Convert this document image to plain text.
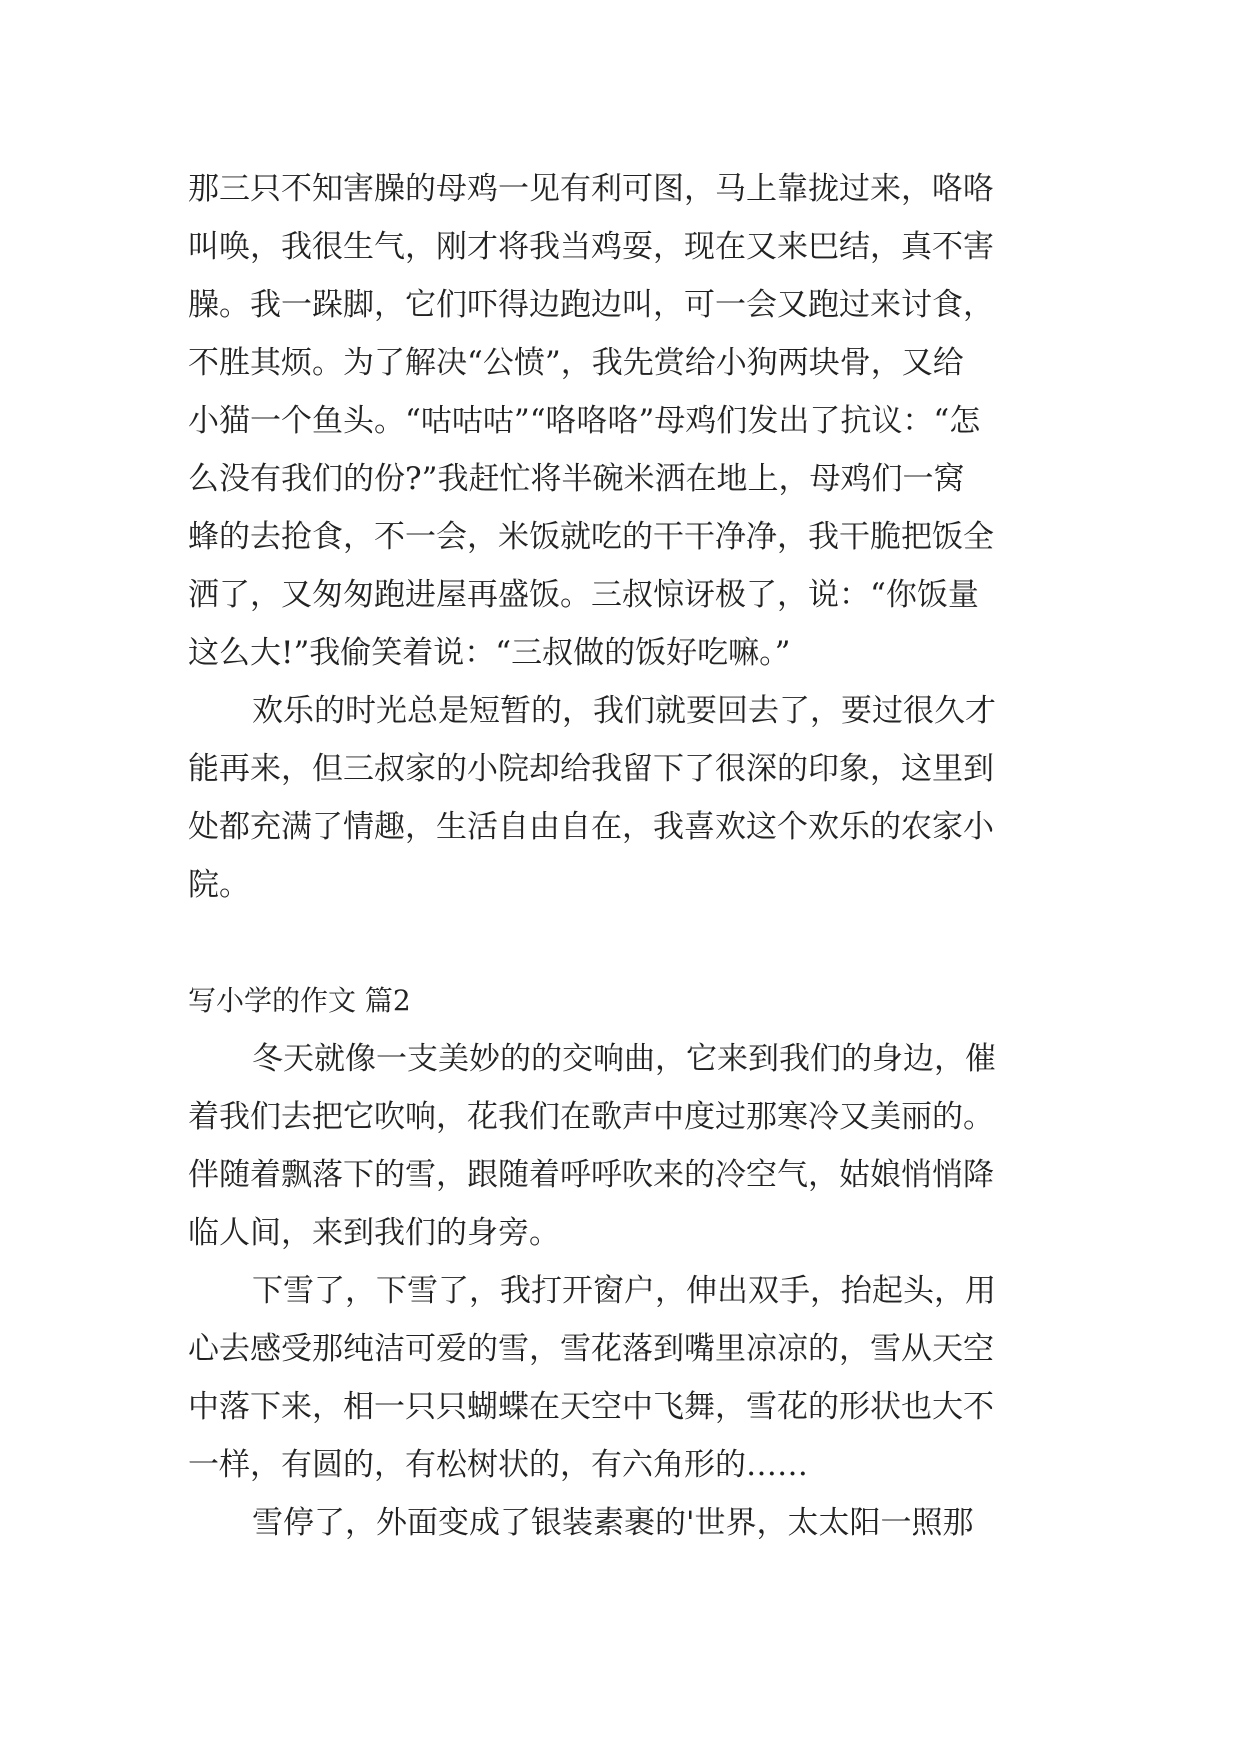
那三只不知害臊的母鸡一见有利可图，马上靠拢过来，咯咯
叫唤，我很生气，刚才将我当鸡耍，现在又来巴结，真不害
臊。我一跺脚，它们吓得边跑边叫，可一会又跑过来讨食，
不胜其烦。为了解决“公愤”，我先赏给小狗两块骨，又给
小猫一个鱼头。“咕咕咕”“咯咯咯”母鸡们发出了抗议：“怎
么没有我们的份?”我赶忙将半碗米洒在地上，母鸡们一窝
蜂的去抢食，不一会，米饭就吃的干干净净，我干脆把饭全
洒了，又匆匆跑进屋再盛饭。三叔惊讶极了，说：“你饭量
这么大!”我偷笑着说：“三叔做的饭好吃嘛。”
欢乐的时光总是短暂的，我们就要回去了，要过很久才
能再来，但三叔家的小院却给我留下了很深的印象，这里到
处都充满了情趣，生活自由自在，我喜欢这个欢乐的农家小
院。
写小学的作文 篇2
冬天就像一支美妙的的交响曲，它来到我们的身边，催
着我们去把它吹响，花我们在歌声中度过那寒冷又美丽的。
伴随着飘落下的雪，跟随着呼呼吹来的冷空气，姑娘悄悄降
临人间，来到我们的身旁。
下雪了，下雪了，我打开窗户，伸出双手，抬起头，用
心去感受那纯洁可爱的雪，雪花落到嘴里凉凉的，雪从天空
中落下来，相一只只蝴蝶在天空中飞舞，雪花的形状也大不
一样，有圆的，有松树状的，有六角形的……
雪停了，外面变成了银装素裹的'世界，太太阳一照那
